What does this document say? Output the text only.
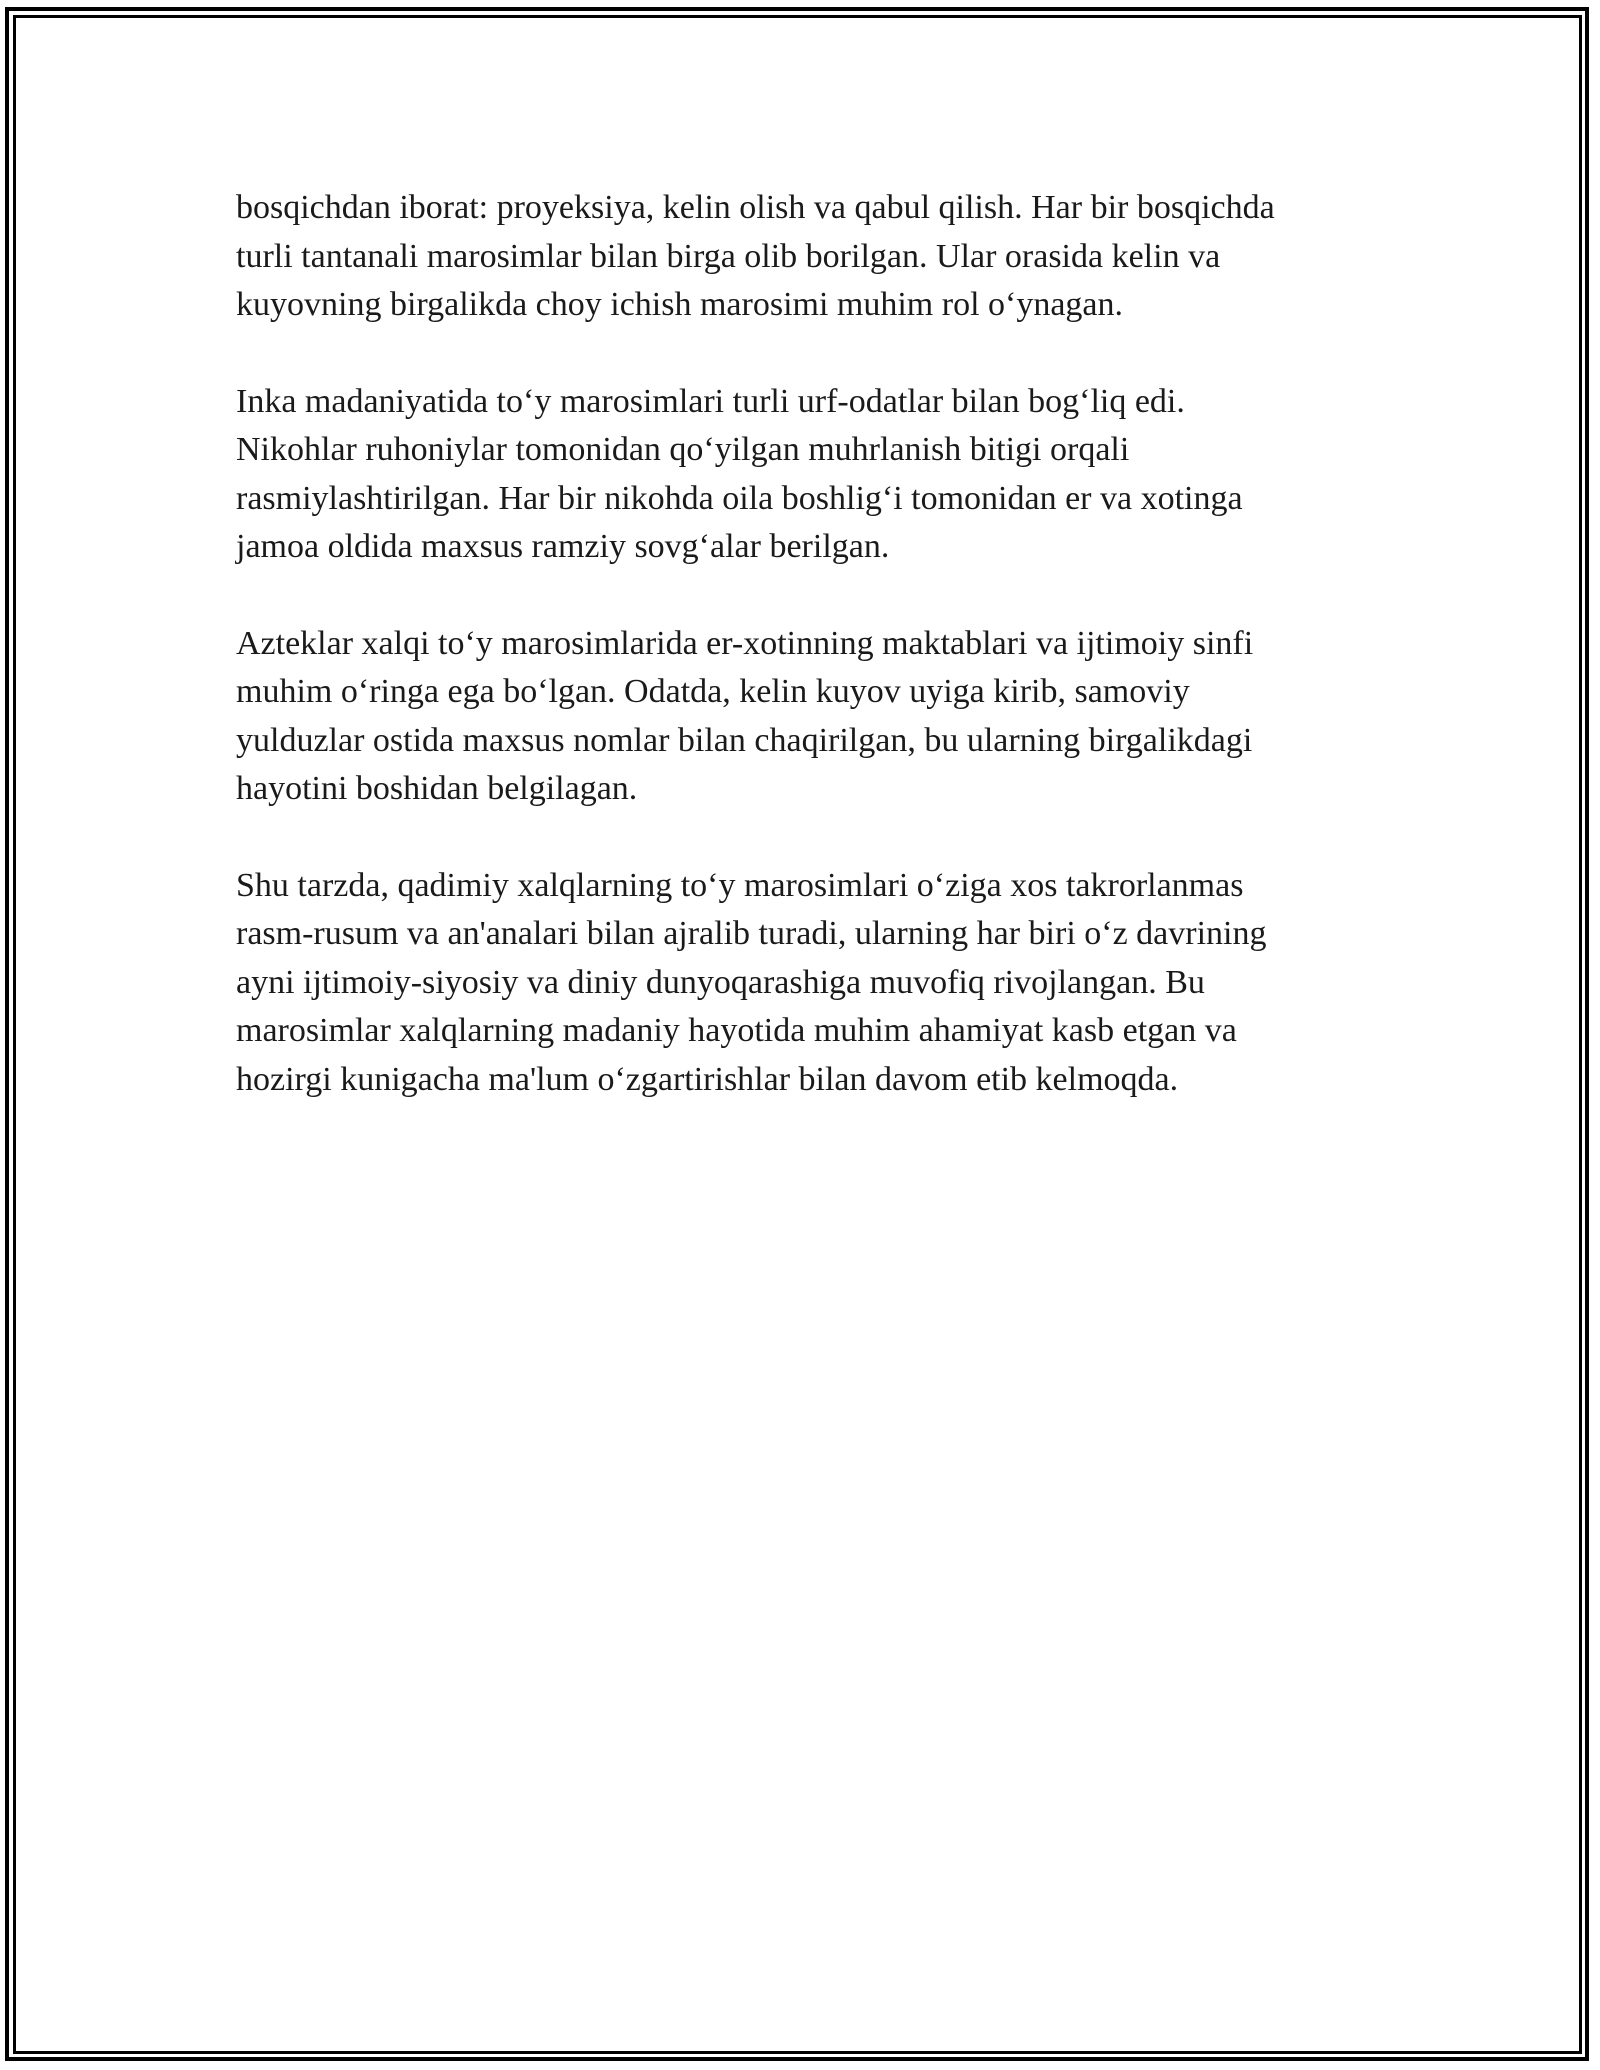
bosqichdan iborat: proyeksiya, kelin olish va qabul qilish. Har bir bosqichda
turli tantanali marosimlar bilan birga olib borilgan. Ular orasida kelin va
kuyovning birgalikda choy ichish marosimi muhim rol o‘ynagan.

Inka madaniyatida to‘y marosimlari turli urf-odatlar bilan bog‘liq edi.
Nikohlar ruhoniylar tomonidan qo‘yilgan muhrlanish bitigi orqali
rasmiylashtirilgan. Har bir nikohda oila boshlig‘i tomonidan er va xotinga
jamoa oldida maxsus ramziy sovg‘alar berilgan.

Azteklar xalqi to‘y marosimlarida er-xotinning maktablari va ijtimoiy sinfi
muhim o‘ringa ega bo‘lgan. Odatda, kelin kuyov uyiga kirib, samoviy
yulduzlar ostida maxsus nomlar bilan chaqirilgan, bu ularning birgalikdagi
hayotini boshidan belgilagan.

Shu tarzda, qadimiy xalqlarning to‘y marosimlari o‘ziga xos takrorlanmas
rasm-rusum va an'analari bilan ajralib turadi, ularning har biri o‘z davrining
ayni ijtimoiy-siyosiy va diniy dunyoqarashiga muvofiq rivojlangan. Bu
marosimlar xalqlarning madaniy hayotida muhim ahamiyat kasb etgan va
hozirgi kunigacha ma'lum o‘zgartirishlar bilan davom etib kelmoqda.
